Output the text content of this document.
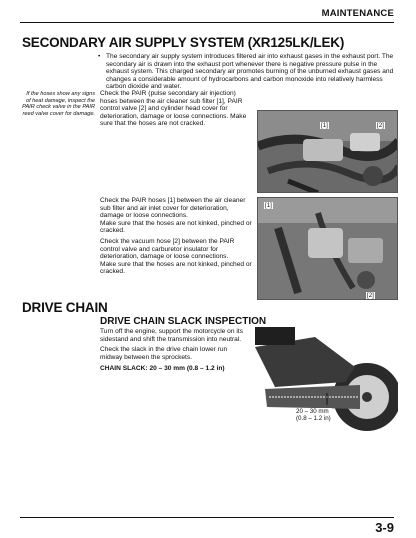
MAINTENANCE
SECONDARY AIR SUPPLY SYSTEM (XR125LK/LEK)
• The secondary air supply system introduces filtered air into exhaust gases in the exhaust port. The secondary air is drawn into the exhaust port whenever there is negative pressure pulse in the exhaust system. This charged secondary air promotes burning of the unburned exhaust gases and changes a considerable amount of hydrocarbons and carbon monoxide into relatively harmless carbon dioxide and water.
If the hoses show any signs of heat damage, inspect the PAIR check valve in the PAIR reed valve cover for damage.
Check the PAIR (pulse secondary air injection) hoses between the air cleaner sub filter [1], PAIR control valve [2] and cylinder head cover for deterioration, damage or loose connections. Make sure that the hoses are not cracked.	[1]	[2]
Check the PAIR hoses [1] between the air cleaner sub filter and air inlet cover for deterioration, damage or loose connections.
Make sure that the hoses are not kinked, pinched or cracked.
Check the vacuum hose [2] between the PAIR control valve and carburetor insulator for deterioration, damage or loose connections.
Make sure that the hoses are not kinked, pinched or cracked.
[1]
[2]
DRIVE CHAIN
DRIVE CHAIN SLACK INSPECTION
Turn off the engine, support the motorcycle on its sidestand and shift the transmission into neutral.
Check the slack in the drive chain lower run midway between the sprockets.
CHAIN SLACK: 20 – 30 mm (0.8 – 1.2 in)
20 – 30 mm
(0.8 – 1.2 in)
3-9
